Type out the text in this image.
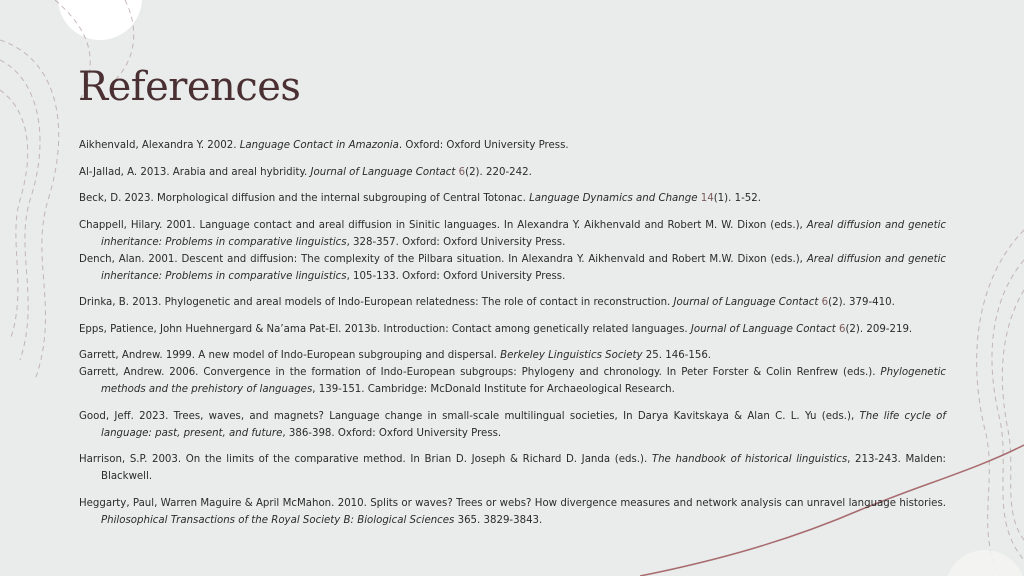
References

Aikhenvald, Alexandra Y. 2002. Language Contact in Amazonia. Oxford: Oxford University Press.

Al-Jallad, A. 2013. Arabia and areal hybridity. Journal of Language Contact 6(2). 220-242.

Beck, D. 2023. Morphological diffusion and the internal subgrouping of Central Totonac. Language Dynamics and Change 14(1). 1-52.

Chappell, Hilary. 2001. Language contact and areal diffusion in Sinitic languages. In Alexandra Y. Aikhenvald and Robert M. W. Dixon (eds.), Areal diffusion and genetic inheritance: Problems in comparative linguistics, 328-357. Oxford: Oxford University Press.

Dench, Alan. 2001. Descent and diffusion: The complexity of the Pilbara situation. In Alexandra Y. Aikhenvald and Robert M.W. Dixon (eds.), Areal diffusion and genetic inheritance: Problems in comparative linguistics, 105-133. Oxford: Oxford University Press.

Drinka, B. 2013. Phylogenetic and areal models of Indo-European relatedness: The role of contact in reconstruction. Journal of Language Contact 6(2). 379-410.

Epps, Patience, John Huehnergard & Na’ama Pat-El. 2013b. Introduction: Contact among genetically related languages. Journal of Language Contact 6(2). 209-219.

Garrett, Andrew. 1999. A new model of Indo-European subgrouping and dispersal. Berkeley Linguistics Society 25. 146-156.

Garrett, Andrew. 2006. Convergence in the formation of Indo-European subgroups: Phylogeny and chronology. In Peter Forster & Colin Renfrew (eds.). Phylogenetic methods and the prehistory of languages, 139-151. Cambridge: McDonald Institute for Archaeological Research.

Good, Jeff. 2023. Trees, waves, and magnets? Language change in small-scale multilingual societies, In Darya Kavitskaya & Alan C. L. Yu (eds.), The life cycle of language: past, present, and future, 386-398. Oxford: Oxford University Press.

Harrison, S.P. 2003. On the limits of the comparative method. In Brian D. Joseph & Richard D. Janda (eds.). The handbook of historical linguistics, 213-243. Malden: Blackwell.

Heggarty, Paul, Warren Maguire & April McMahon. 2010. Splits or waves? Trees or webs? How divergence measures and network analysis can unravel language histories. Philosophical Transactions of the Royal Society B: Biological Sciences 365. 3829-3843.
